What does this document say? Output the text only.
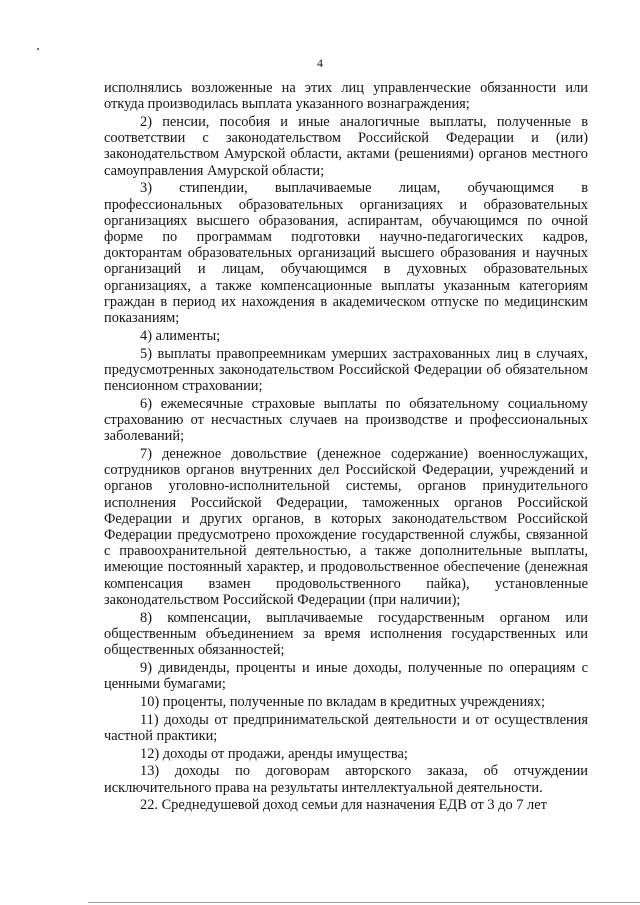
4

исполнялись возложенные на этих лиц управленческие обязанности или откуда производилась выплата указанного вознаграждения;

2) пенсии, пособия и иные аналогичные выплаты, полученные в соответствии с законодательством Российской Федерации и (или) законодательством Амурской области, актами (решениями) органов местного самоуправления Амурской области;

3) стипендии, выплачиваемые лицам, обучающимся в профессиональных образовательных организациях и образовательных организациях высшего образования, аспирантам, обучающимся по очной форме по программам подготовки научно-педагогических кадров, докторантам образовательных организаций высшего образования и научных организаций и лицам, обучающимся в духовных образовательных организациях, а также компенсационные выплаты указанным категориям граждан в период их нахождения в академическом отпуске по медицинским показаниям;

4) алименты;

5) выплаты правопреемникам умерших застрахованных лиц в случаях, предусмотренных законодательством Российской Федерации об обязательном пенсионном страховании;

6) ежемесячные страховые выплаты по обязательному социальному страхованию от несчастных случаев на производстве и профессиональных заболеваний;

7) денежное довольствие (денежное содержание) военнослужащих, сотрудников органов внутренних дел Российской Федерации, учреждений и органов уголовно-исполнительной системы, органов принудительного исполнения Российской Федерации, таможенных органов Российской Федерации и других органов, в которых законодательством Российской Федерации предусмотрено прохождение государственной службы, связанной с правоохранительной деятельностью, а также дополнительные выплаты, имеющие постоянный характер, и продовольственное обеспечение (денежная компенсация взамен продовольственного пайка), установленные законодательством Российской Федерации (при наличии);

8) компенсации, выплачиваемые государственным органом или общественным объединением за время исполнения государственных или общественных обязанностей;

9) дивиденды, проценты и иные доходы, полученные по операциям с ценными бумагами;

10) проценты, полученные по вкладам в кредитных учреждениях;

11) доходы от предпринимательской деятельности и от осуществления частной практики;

12) доходы от продажи, аренды имущества;

13) доходы по договорам авторского заказа, об отчуждении исключительного права на результаты интеллектуальной деятельности.

22. Среднедушевой доход семьи для назначения ЕДВ от 3 до 7 лет
